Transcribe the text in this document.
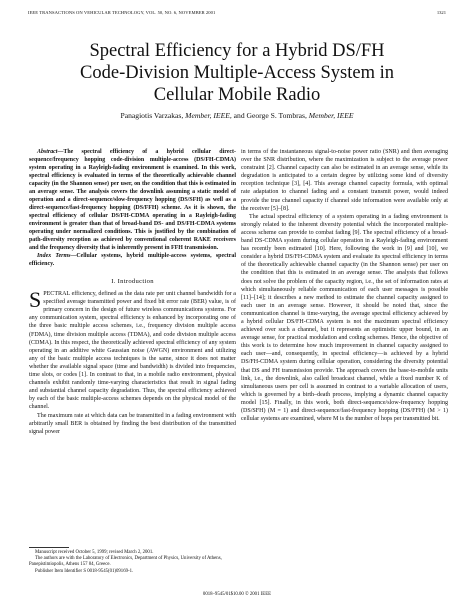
IEEE TRANSACTIONS ON VEHICULAR TECHNOLOGY, VOL. 50, NO. 6, NOVEMBER 2001	1321
Spectral Efficiency for a Hybrid DS/FH
Code-Division Multiple-Access System in
Cellular Mobile Radio
Panagiotis Varzakas, Member, IEEE, and George S. Tombras, Member, IEEE

Abstract—The spectral efficiency of a hybrid cellular direct-sequence/frequency hopping code-division multiple-access (DS/FH-CDMA) system operating in a Rayleigh-fading environment is examined. In this work, spectral efficiency is evaluated in terms of the theoretically achievable channel capacity (in the Shannon sense) per user, on the condition that this is estimated in an average sense. The analysis covers the downlink assuming a static model of operation and a direct-sequence/slow-frequency hopping (DS/SFH) as well as a direct-sequence/fast-frequency hopping (DS/FFH) scheme. As it is shown, the spectral efficiency of cellular DS/FH-CDMA operating in a Rayleigh-fading environment is greater than that of broad-band DS- and DS/FH-CDMA systems operating under normalized conditions. This is justified by the combination of path-diversity reception as achieved by conventional coherent RAKE receivers and the frequency diversity that is inherently present in FFH transmission.

Index Terms—Cellular systems, hybrid multiple-access systems, spectral efficiency.

I. Introduction

SPECTRAL efficiency, defined as the data rate per unit channel bandwidth for a specified average transmitted power and fixed bit error rate (BER) value, is of primary concern in the design of future wireless communications systems. For any communication system, spectral efficiency is enhanced by incorporating one of the three basic multiple access schemes, i.e., frequency division multiple access (FDMA), time division multiple access (TDMA), and code division multiple access (CDMA). In this respect, the theoretically achieved spectral efficiency of any system operating in an additive white Gaussian noise (AWGN) environment and utilizing any of the basic multiple access techniques is the same, since it does not matter whether the available signal space (time and bandwidth) is divided into frequencies, time slots, or codes [1]. In contrast to that, in a mobile radio environment, physical channels exhibit randomly time-varying characteristics that result in signal fading and substantial channel capacity degradation. Thus, the spectral efficiency achieved by each of the basic multiple-access schemes depends on the physical model of the channel.

The maximum rate at which data can be transmitted in a fading environment with arbitrarily small BER is obtained by finding the best distribution of the transmitted signal power

Manuscript received October 5, 1999; revised March 2, 2001.
The authors are with the Laboratory of Electronics, Department of Physics, University of Athens, Panepistimiopolis, Athens 157 84, Greece.
Publisher Item Identifier S 0018-9545(01)09169-1.

in terms of the instantaneous signal-to-noise power ratio (SNR) and then averaging over the SNR distribution, where the maximization is subject to the average power constraint [2]. Channel capacity can also be estimated in an average sense, while its degradation is anticipated to a certain degree by utilizing some kind of diversity reception technique [3], [4]. This average channel capacity formula, with optimal rate adaptation to channel fading and a constant transmit power, would indeed provide the true channel capacity if channel side information were available only at the receiver [5]–[8].

The actual spectral efficiency of a system operating in a fading environment is strongly related to the inherent diversity potential which the incorporated multiple-access scheme can provide to combat fading [9]. The spectral efficiency of a broad-band DS-CDMA system during cellular operation in a Rayleigh-fading environment has recently been estimated [10]. Here, following the work in [9] and [10], we consider a hybrid DS/FH-CDMA system and evaluate its spectral efficiency in terms of the theoretically achievable channel capacity (in the Shannon sense) per user on the condition that this is estimated in an average sense. The analysis that follows does not solve the problem of the capacity region, i.e., the set of information rates at which simultaneously reliable communication of each user messages is possible [11]–[14]; it describes a new method to estimate the channel capacity assigned to each user in an average sense. However, it should be noted that, since the communication channel is time-varying, the average spectral efficiency achieved by a hybrid cellular DS/FH-CDMA system is not the maximum spectral efficiency achieved over such a channel, but it represents an optimistic upper bound, in an average sense, for practical modulation and coding schemes. Hence, the objective of this work is to determine how much improvement in channel capacity assigned to each user—and, consequently, in spectral efficiency—is achieved by a hybrid DS/FH-CDMA system during cellular operation, considering the diversity potential that DS and FH transmission provide. The approach covers the base-to-mobile units link, i.e., the downlink, also called broadcast channel, while a fixed number K of simultaneous users per cell is assumed in contrast to a variable allocation of users, which is governed by a birth–death process, implying a dynamic channel capacity model [15]. Finally, in this work, both direct-sequence/slow-frequency hopping (DS/SFH) (M = 1) and direct-sequence/fast-frequency hopping (DS/FFH) (M > 1) cellular systems are examined, where M is the number of hops per transmitted bit.

0018–9545/01$10.00 © 2001 IEEE
